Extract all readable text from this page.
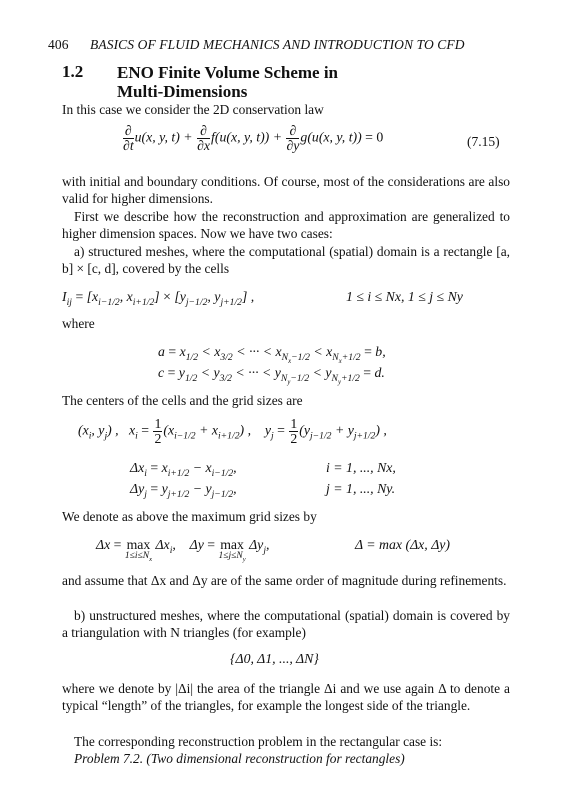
406 BASICS OF FLUID MECHANICS AND INTRODUCTION TO CFD
1.2 ENO Finite Volume Scheme in
Multi-Dimensions
In this case we consider the 2D conservation law
$\frac{\partial}{\partial t} u(x$, y, $t) + \frac{\partial}{\partial x} f(u(x$, y, $t)) + \frac{\partial}{\partial y} g(u(x$, y, t)) = 0	(7.15)
with initial and boundary conditions. Of course, most of the considerations are also valid for higher dimensions.
First we describe how the reconstruction and approximation are generalized to higher dimension spaces. Now we have two cases:
a) structured meshes, where the computational (spatial) domain is a rectangle [a, b] × [c, d], covered by the cells
$I_{ij} = [x_{i-1/2}$, $x_{i+1/2}] \times [y_{j-1/2}$, $y_{j+1/2}$] ,	1 ≤ i ≤ Nx, 1 ≤ j ≤ Ny
where
$a = x_{1/2} < x_{3/2}$ < ··· < $x_{N_x-1/2} < x_{N_x+1/2} = b$,
$c = y_{1/2} < y_{3/2}$ < ··· < $y_{N_y-1/2} < y_{N_y+1/2} = d$.
The centers of the cells and the grid sizes are
($x_i$, $y_j$) ,   $x_i = \frac{1}{2} (x_{i-1/2} + x_{i+1/2})$ ,    $y_j = \frac{1}{2} (y_{j-1/2} + y_{j+1/2})$ ,
$\Delta x_i = x_{i+1/2} - x_{i-1/2}$,	i = 1, ..., Nx,
$\Delta y_j = y_{j+1/2} - y_{j-1/2}$,	j = 1, ..., Ny.
We denote as above the maximum grid sizes by
Δx = max
$1\le i\le N_x$
$\Delta x_i$,    Δy = max
$1\le j\le N_y$
$\Delta y_j$,	Δ = max (Δx, Δy)
and assume that Δx and Δy are of the same order of magnitude during refinements.
b) unstructured meshes, where the computational (spatial) domain is covered by a triangulation with N triangles (for example)
{Δ0, Δ1, ..., ΔN}
where we denote by |Δi| the area of the triangle Δi and we use again Δ to denote a typical “length” of the triangles, for example the longest side of the triangle.
The corresponding reconstruction problem in the rectangular case is:
Problem 7.2. (Two dimensional reconstruction for rectangles)
